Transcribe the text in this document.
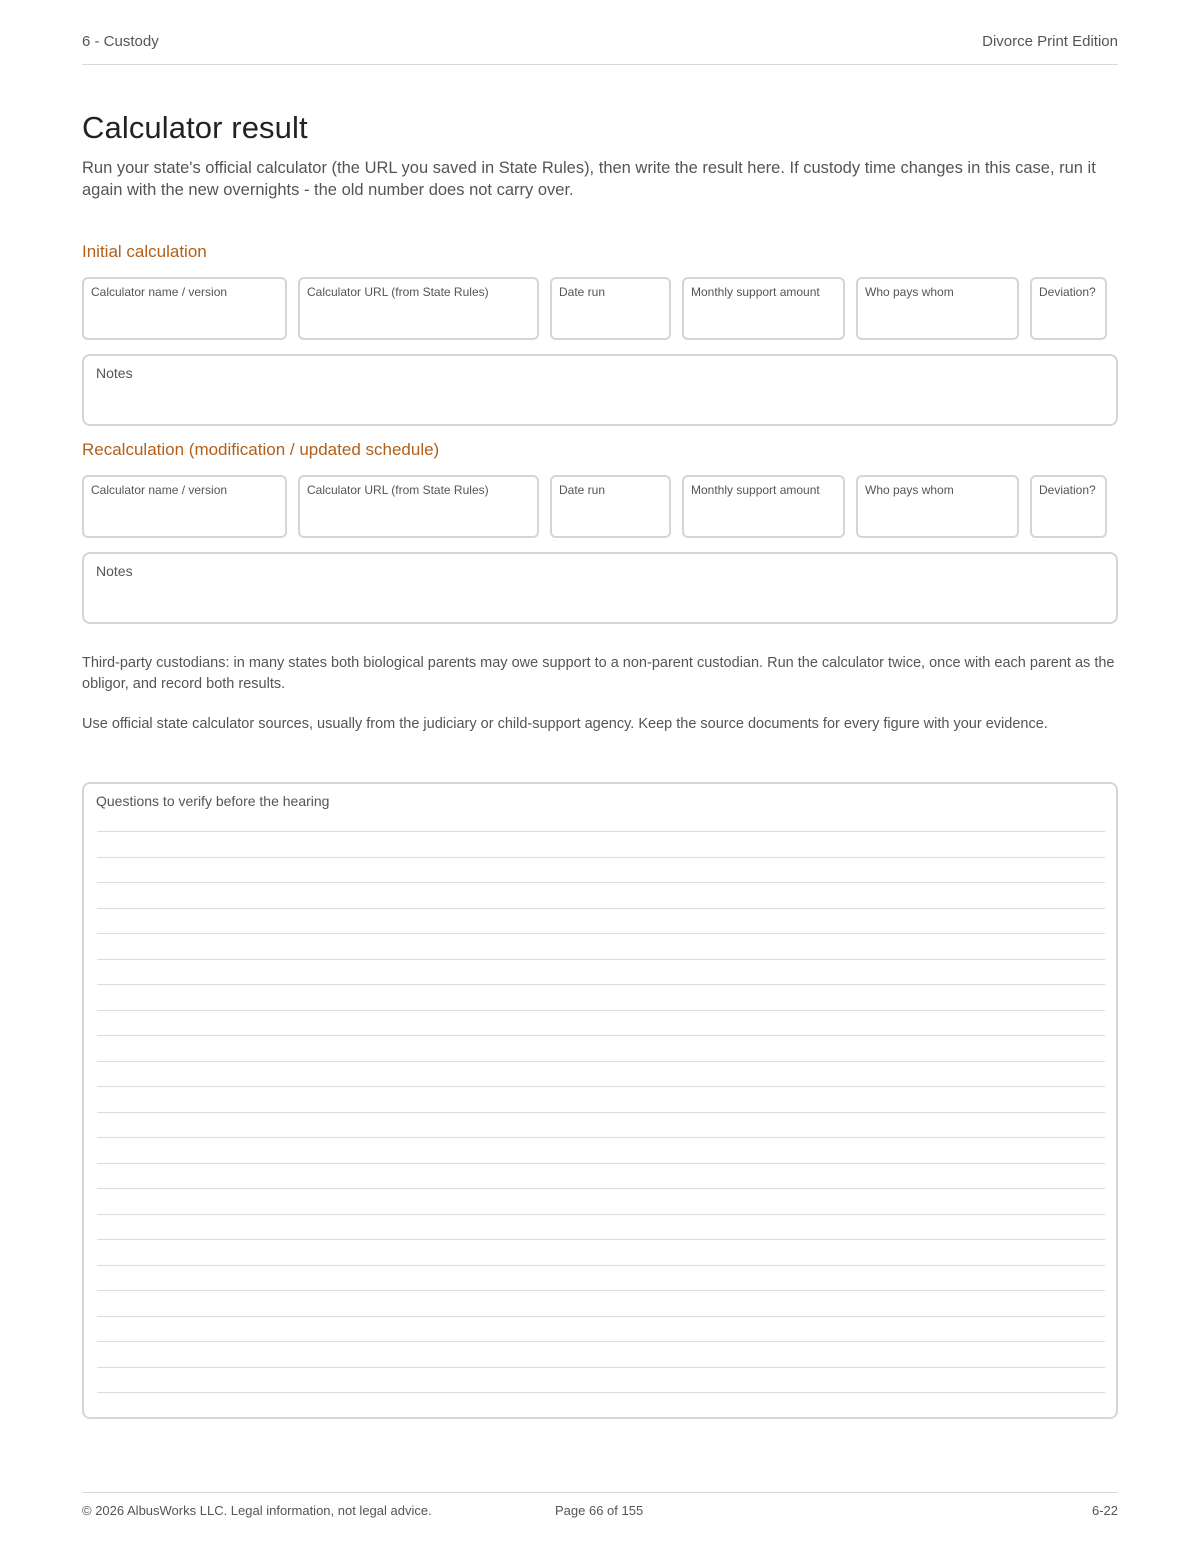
6 - Custody	Divorce Print Edition
Calculator result

Run your state's official calculator (the URL you saved in State Rules), then write the result here. If custody time changes in this case, run it again with the new overnights - the old number does not carry over.

Initial calculation
Calculator name / version	Calculator URL (from State Rules)	Date run	Monthly support amount	Who pays whom	Deviation?
Notes
Recalculation (modification / updated schedule)
Calculator name / version	Calculator URL (from State Rules)	Date run	Monthly support amount	Who pays whom	Deviation?
Notes

Third-party custodians: in many states both biological parents may owe support to a non-parent custodian. Run the calculator twice, once with each parent as the obligor, and record both results.

Use official state calculator sources, usually from the judiciary or child-support agency. Keep the source documents for every figure with your evidence.

Questions to verify before the hearing
© 2026 AlbusWorks LLC. Legal information, not legal advice.	Page 66 of 155	6-22
